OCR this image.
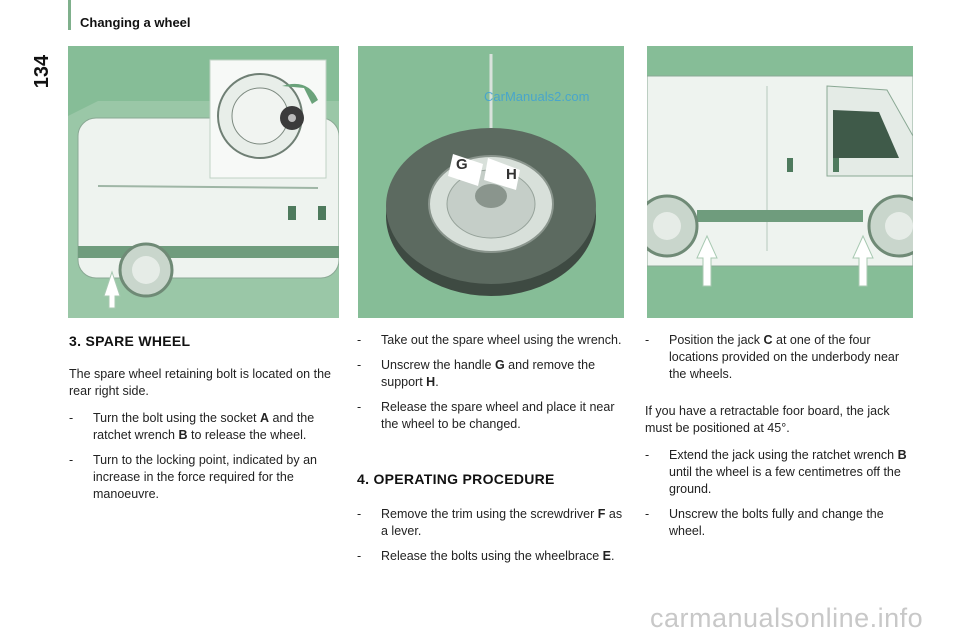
Changing a wheel
134
G
H
CarManuals2.com
3. SPARE WHEEL

The spare wheel retaining bolt is located on the rear right side.

- Turn the bolt using the socket A and the ratchet wrench B to release the wheel.
- Turn to the locking point, indicated by an increase in the force required for the manoeuvre.
- Take out the spare wheel using the wrench.
- Unscrew the handle G and remove the support H.
- Release the spare wheel and place it near the wheel to be changed.
4. OPERATING PROCEDURE
- Remove the trim using the screwdriver F as a lever.
- Release the bolts using the wheelbrace E.
- Position the jack C at one of the four locations provided on the underbody near the wheels.

If you have a retractable foor board, the jack must be positioned at 45°.

- Extend the jack using the ratchet wrench B until the wheel is a few centimetres off the ground.
- Unscrew the bolts fully and change the wheel.
carmanualsonline.info
